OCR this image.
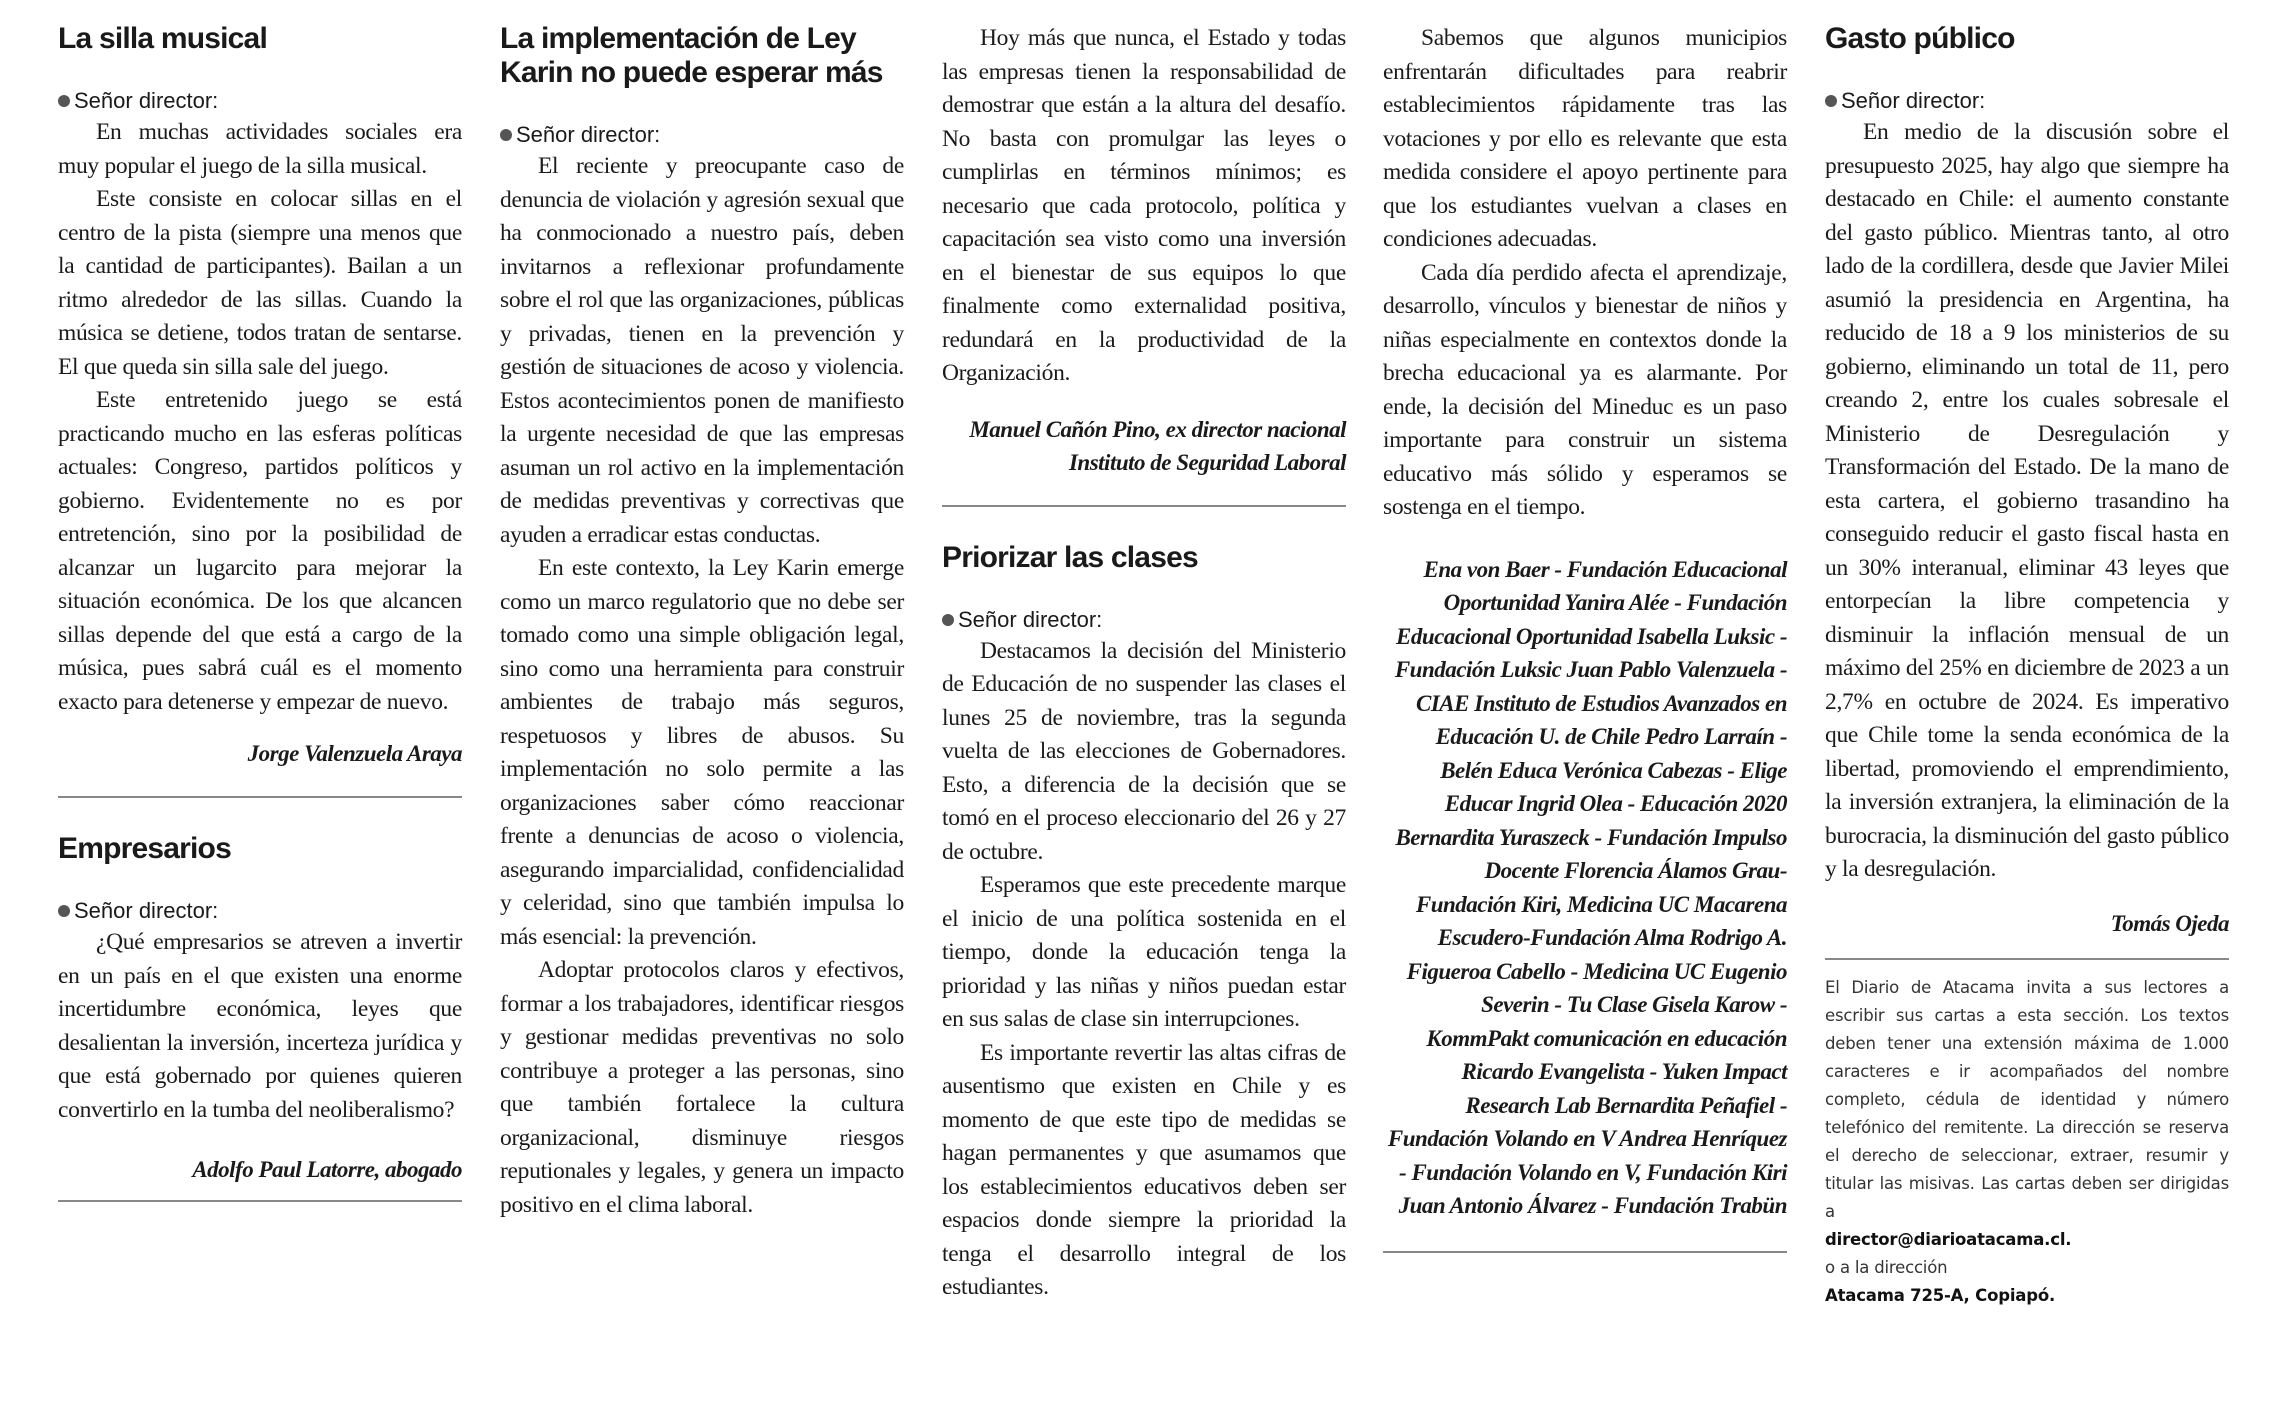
La silla musical

Señor director:

En muchas actividades sociales era muy popular el juego de la silla musical.

Este consiste en colocar sillas en el centro de la pista (siempre una menos que la cantidad de participantes). Bailan a un ritmo alrededor de las sillas. Cuando la música se detiene, todos tratan de sentarse. El que queda sin silla sale del juego.

Este entretenido juego se está practicando mucho en las esferas políticas actuales: Congreso, partidos políticos y gobierno. Evidentemente no es por entretención, sino por la posibilidad de alcanzar un lugarcito para mejorar la situación económica. De los que alcancen sillas depende del que está a cargo de la música, pues sabrá cuál es el momento exacto para detenerse y empezar de nuevo.

Jorge Valenzuela Araya

Empresarios

Señor director:

¿Qué empresarios se atreven a invertir en un país en el que existen una enorme incertidumbre económica, leyes que desalientan la inversión, incerteza jurídica y que está gobernado por quienes quieren convertirlo en la tumba del neoliberalismo?

Adolfo Paul Latorre, abogado

La implementación de Ley Karin no puede esperar más

Señor director:

El reciente y preocupante caso de denuncia de violación y agresión sexual que ha conmocionado a nuestro país, deben invitarnos a reflexionar profundamente sobre el rol que las organizaciones, públicas y privadas, tienen en la prevención y gestión de situaciones de acoso y violencia. Estos acontecimientos ponen de manifiesto la urgente necesidad de que las empresas asuman un rol activo en la implementación de medidas preventivas y correctivas que ayuden a erradicar estas conductas.

En este contexto, la Ley Karin emerge como un marco regulatorio que no debe ser tomado como una simple obligación legal, sino como una herramienta para construir ambientes de trabajo más seguros, respetuosos y libres de abusos. Su implementación no solo permite a las organizaciones saber cómo reaccionar frente a denuncias de acoso o violencia, asegurando imparcialidad, confidencialidad y celeridad, sino que también impulsa lo más esencial: la prevención.

Adoptar protocolos claros y efectivos, formar a los trabajadores, identificar riesgos y gestionar medidas preventivas no solo contribuye a proteger a las personas, sino que también fortalece la cultura organizacional, disminuye riesgos reputionales y legales, y genera un impacto positivo en el clima laboral.

Hoy más que nunca, el Estado y todas las empresas tienen la responsabilidad de demostrar que están a la altura del desafío. No basta con promulgar las leyes o cumplirlas en términos mínimos; es necesario que cada protocolo, política y capacitación sea visto como una inversión en el bienestar de sus equipos lo que finalmente como externalidad positiva, redundará en la productividad de la Organización.

Manuel Cañón Pino, ex director nacional Instituto de Seguridad Laboral

Priorizar las clases

Señor director:

Destacamos la decisión del Ministerio de Educación de no suspender las clases el lunes 25 de noviembre, tras la segunda vuelta de las elecciones de Gobernadores. Esto, a diferencia de la decisión que se tomó en el proceso eleccionario del 26 y 27 de octubre.

Esperamos que este precedente marque el inicio de una política sostenida en el tiempo, donde la educación tenga la prioridad y las niñas y niños puedan estar en sus salas de clase sin interrupciones.

Es importante revertir las altas cifras de ausentismo que existen en Chile y es momento de que este tipo de medidas se hagan permanentes y que asumamos que los establecimientos educativos deben ser espacios donde siempre la prioridad la tenga el desarrollo integral de los estudiantes.

Sabemos que algunos municipios enfrentarán dificultades para reabrir establecimientos rápidamente tras las votaciones y por ello es relevante que esta medida considere el apoyo pertinente para que los estudiantes vuelvan a clases en condiciones adecuadas.

Cada día perdido afecta el aprendizaje, desarrollo, vínculos y bienestar de niños y niñas especialmente en contextos donde la brecha educacional ya es alarmante. Por ende, la decisión del Mineduc es un paso importante para construir un sistema educativo más sólido y esperamos se sostenga en el tiempo.

Ena von Baer - Fundación Educacional Oportunidad Yanira Alée - Fundación Educacional Oportunidad Isabella Luksic - Fundación Luksic Juan Pablo Valenzuela - CIAE Instituto de Estudios Avanzados en Educación U. de Chile Pedro Larraín - Belén Educa Verónica Cabezas - Elige Educar Ingrid Olea - Educación 2020 Bernardita Yuraszeck - Fundación Impulso Docente Florencia Álamos Grau- Fundación Kiri, Medicina UC Macarena Escudero-Fundación Alma Rodrigo A. Figueroa Cabello - Medicina UC Eugenio Severin - Tu Clase Gisela Karow - KommPakt comunicación en educación Ricardo Evangelista - Yuken Impact Research Lab Bernardita Peñafiel - Fundación Volando en V Andrea Henríquez - Fundación Volando en V, Fundación Kiri Juan Antonio Álvarez - Fundación Trabün

Gasto público

Señor director:

En medio de la discusión sobre el presupuesto 2025, hay algo que siempre ha destacado en Chile: el aumento constante del gasto público. Mientras tanto, al otro lado de la cordillera, desde que Javier Milei asumió la presidencia en Argentina, ha reducido de 18 a 9 los ministerios de su gobierno, eliminando un total de 11, pero creando 2, entre los cuales sobresale el Ministerio de Desregulación y Transformación del Estado. De la mano de esta cartera, el gobierno trasandino ha conseguido reducir el gasto fiscal hasta en un 30% interanual, eliminar 43 leyes que entorpecían la libre competencia y disminuir la inflación mensual de un máximo del 25% en diciembre de 2023 a un 2,7% en octubre de 2024. Es imperativo que Chile tome la senda económica de la libertad, promoviendo el emprendimiento, la inversión extranjera, la eliminación de la burocracia, la disminución del gasto público y la desregulación.

Tomás Ojeda

El Diario de Atacama invita a sus lectores a escribir sus cartas a esta sección. Los textos deben tener una extensión máxima de 1.000 caracteres e ir acompañados del nombre completo, cédula de identidad y número telefónico del remitente. La dirección se reserva el derecho de seleccionar, extraer, resumir y titular las misivas. Las cartas deben ser dirigidas a

director@diarioatacama.cl.

o a la dirección

Atacama 725-A, Copiapó.
